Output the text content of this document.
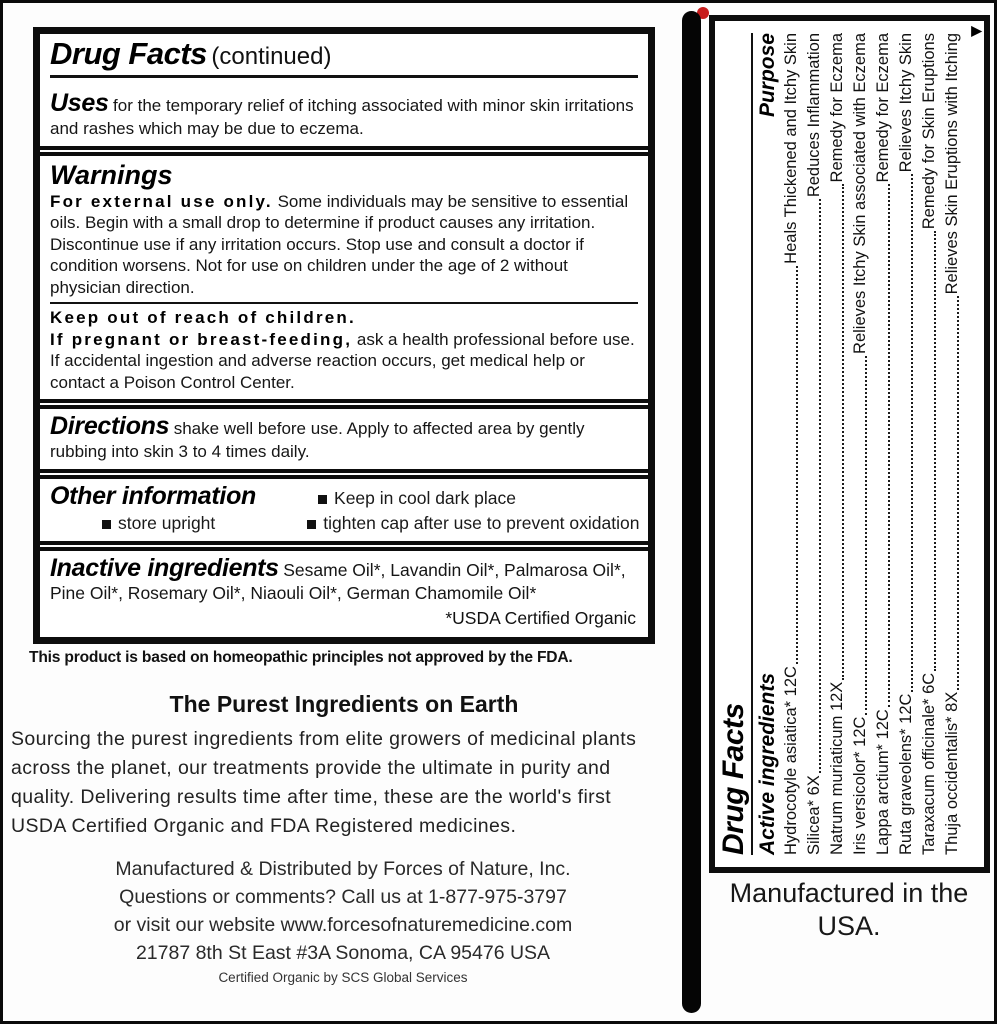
Drug Facts (continued)
Uses for the temporary relief of itching associated with minor skin irritations and rashes which may be due to eczema.
Warnings
For external use only. Some individuals may be sensitive to essential oils. Begin with a small drop to determine if product causes any irritation. Discontinue use if any irritation occurs. Stop use and consult a doctor if condition worsens. Not for use on children under the age of 2 without physician direction.
Keep out of reach of children.
If pregnant or breast-feeding, ask a health professional before use. If accidental ingestion and adverse reaction occurs, get medical help or contact a Poison Control Center.
Directions shake well before use. Apply to affected area by gently rubbing into skin 3 to 4 times daily.
Other information	Keep in cool dark place
store upright	tighten cap after use to prevent oxidation
Inactive ingredients Sesame Oil*, Lavandin Oil*, Palmarosa Oil*, Pine Oil*, Rosemary Oil*, Niaouli Oil*, German Chamomile Oil*
*USDA Certified Organic
This product is based on homeopathic principles not approved by the FDA.
The Purest Ingredients on Earth
Sourcing the purest ingredients from elite growers of medicinal plants across the planet, our treatments provide the ultimate in purity and quality. Delivering results time after time, these are the world's first USDA Certified Organic and FDA Registered medicines.
Manufactured & Distributed by Forces of Nature, Inc.
Questions or comments? Call us at 1-877-975-3797
or visit our website www.forcesofnaturemedicine.com
21787 8th St East #3A Sonoma, CA 95476 USA
Certified Organic by SCS Global Services
Drug Facts Active ingredients
Purpose
Hydrocotyle asiatica* 12C
Heals Thickened and Itchy Skin
Silicea* 6X
Reduces Inflammation
Natrum muriaticum 12X
Remedy for Eczema
Iris versicolor* 12C
Relieves Itchy Skin associated with Eczema
Lappa arctium* 12C
Remedy for Eczema
Ruta graveolens* 12C
Relieves Itchy Skin
Taraxacum officinale* 6C
Remedy for Skin Eruptions
Thuja occidentalis* 8X
Relieves Skin Eruptions with Itching
▼
Manufactured in the USA.
